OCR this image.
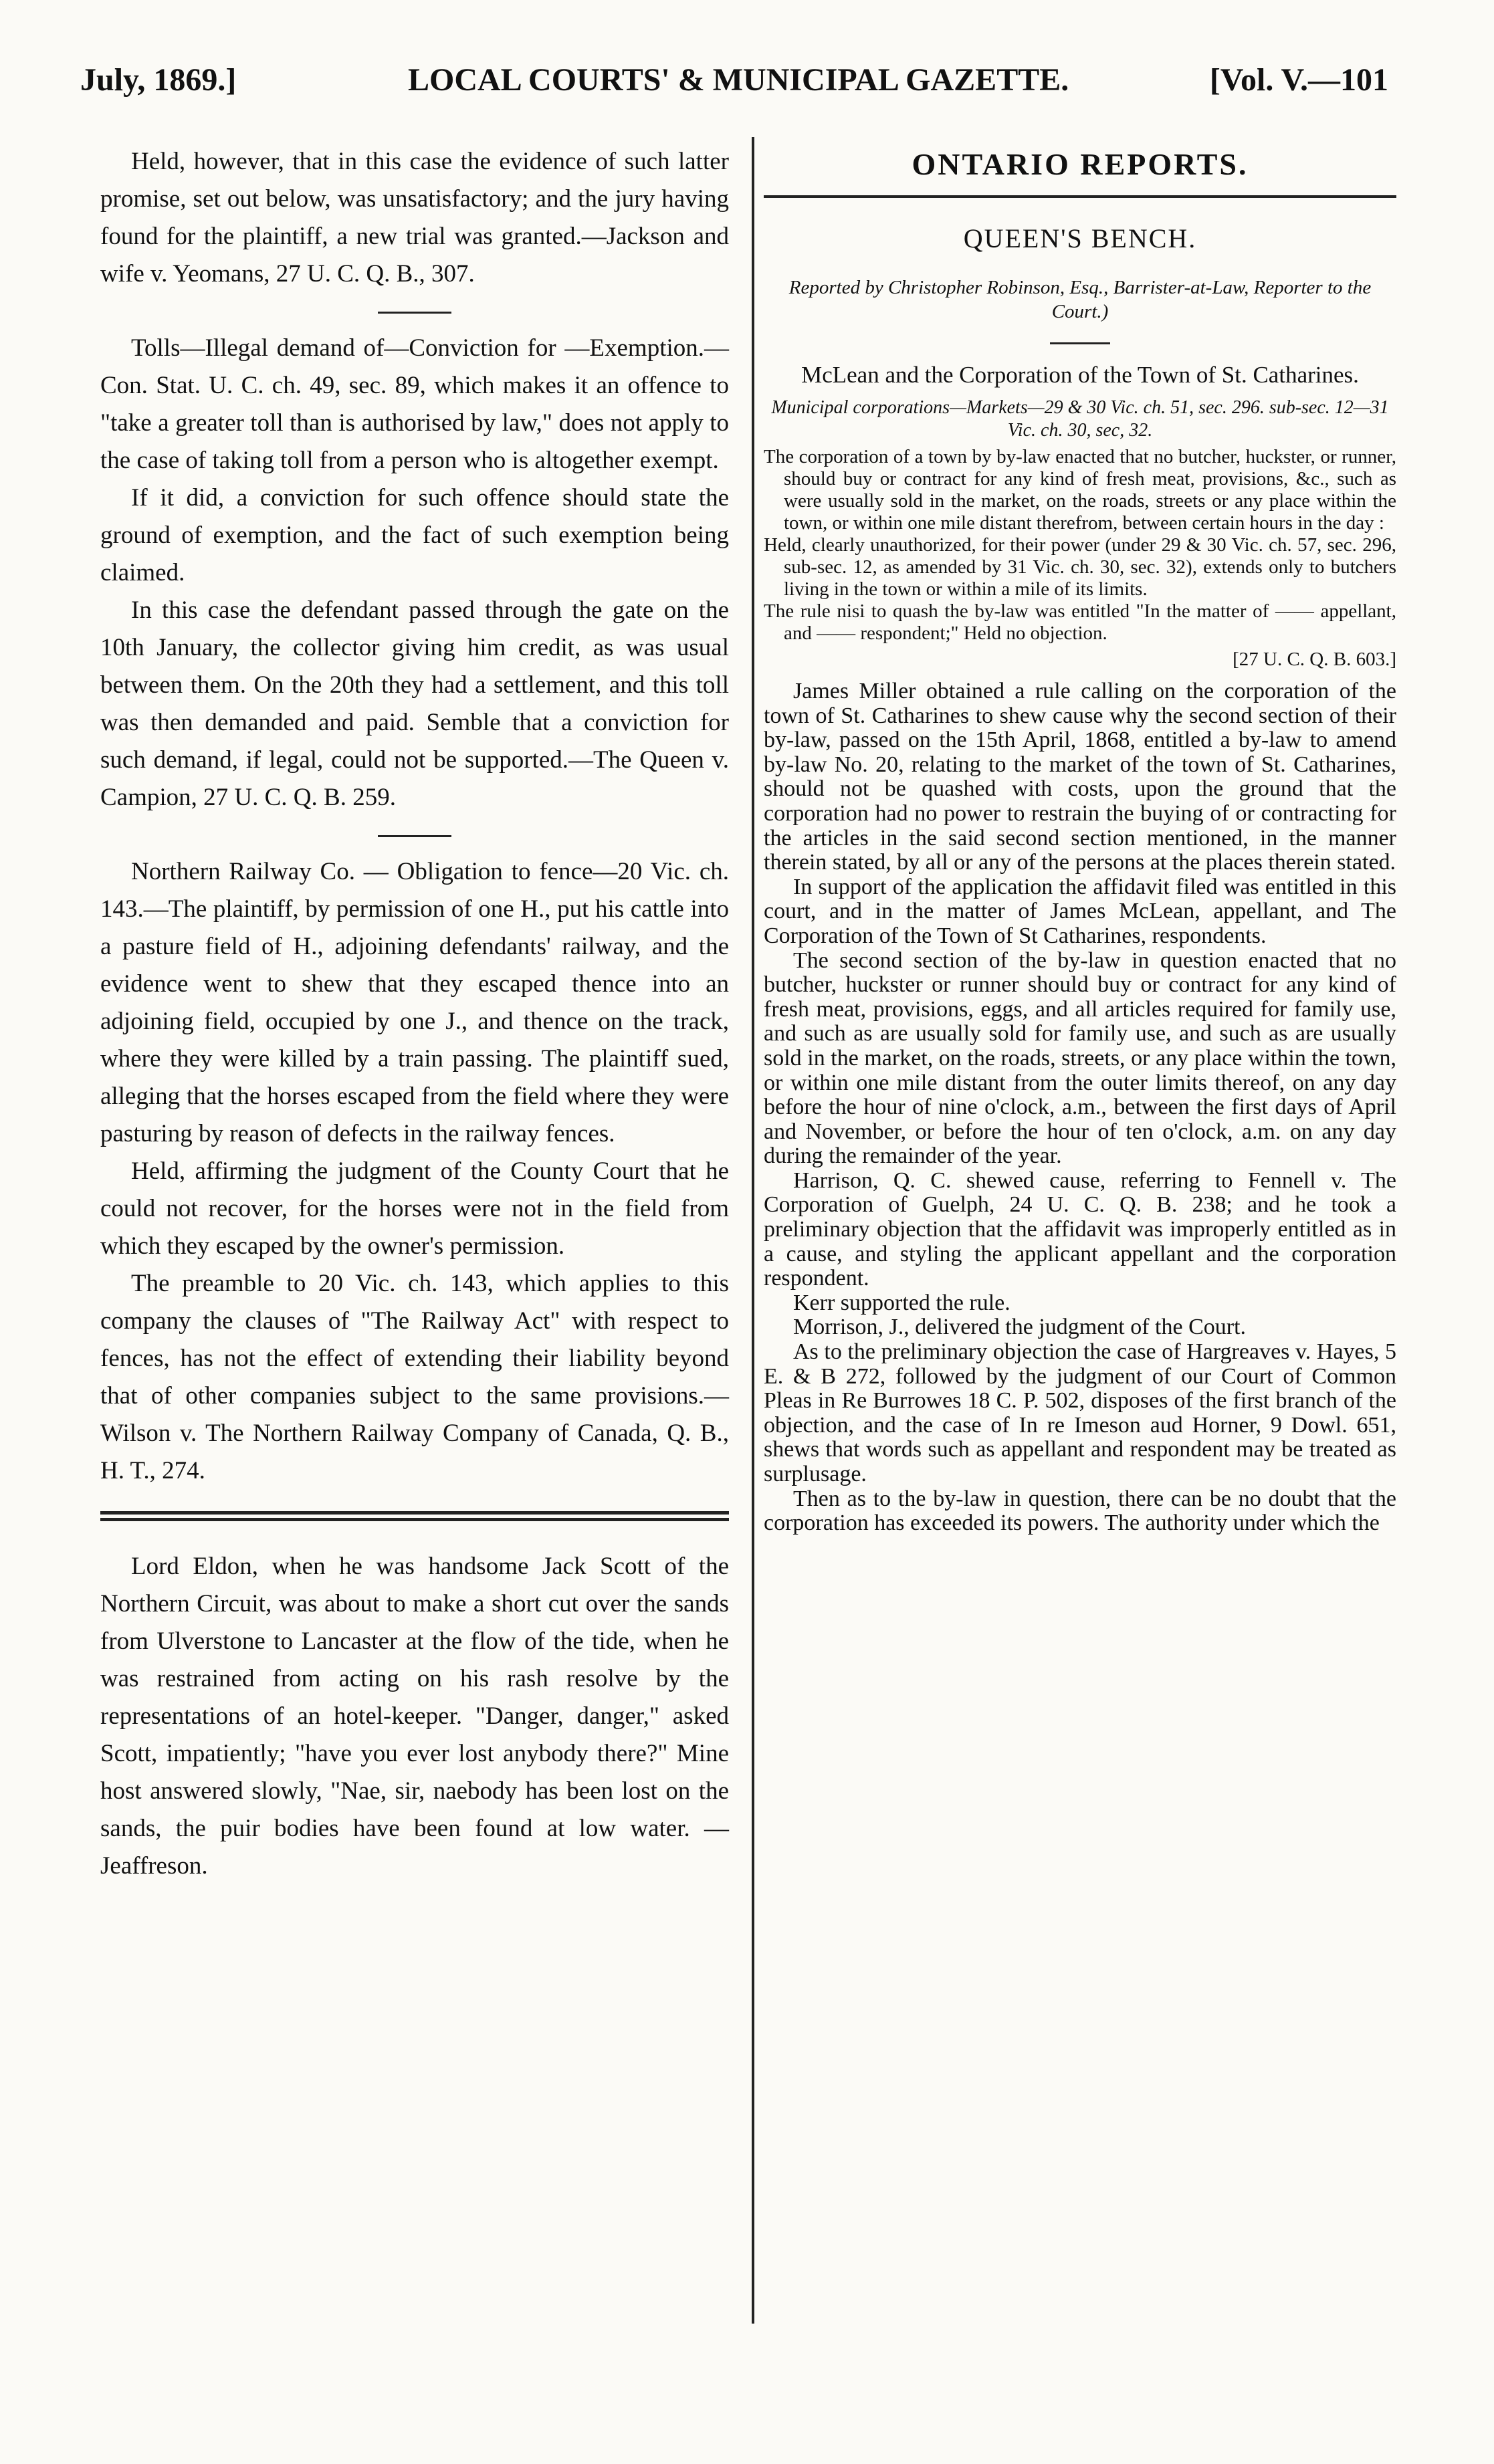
July, 1869.]	LOCAL COURTS' & MUNICIPAL GAZETTE.	[Vol. V.—101

Held, however, that in this case the evidence of such latter promise, set out below, was unsatisfactory; and the jury having found for the plaintiff, a new trial was granted.—Jackson and wife v. Yeomans, 27 U. C. Q. B., 307.

Tolls—Illegal demand of—Conviction for —Exemption.—Con. Stat. U. C. ch. 49, sec. 89, which makes it an offence to "take a greater toll than is authorised by law," does not apply to the case of taking toll from a person who is altogether exempt.

If it did, a conviction for such offence should state the ground of exemption, and the fact of such exemption being claimed.

In this case the defendant passed through the gate on the 10th January, the collector giving him credit, as was usual between them. On the 20th they had a settlement, and this toll was then demanded and paid. Semble that a conviction for such demand, if legal, could not be supported.—The Queen v. Campion, 27 U. C. Q. B. 259.

Northern Railway Co. — Obligation to fence—20 Vic. ch. 143.—The plaintiff, by permission of one H., put his cattle into a pasture field of H., adjoining defendants' railway, and the evidence went to shew that they escaped thence into an adjoining field, occupied by one J., and thence on the track, where they were killed by a train passing. The plaintiff sued, alleging that the horses escaped from the field where they were pasturing by reason of defects in the railway fences.

Held, affirming the judgment of the County Court that he could not recover, for the horses were not in the field from which they escaped by the owner's permission.

The preamble to 20 Vic. ch. 143, which applies to this company the clauses of "The Railway Act" with respect to fences, has not the effect of extending their liability beyond that of other companies subject to the same provisions.—Wilson v. The Northern Railway Company of Canada, Q. B., H. T., 274.

Lord Eldon, when he was handsome Jack Scott of the Northern Circuit, was about to make a short cut over the sands from Ulverstone to Lancaster at the flow of the tide, when he was restrained from acting on his rash resolve by the representations of an hotel-keeper. "Danger, danger," asked Scott, impatiently; "have you ever lost anybody there?" Mine host answered slowly, "Nae, sir, naebody has been lost on the sands, the puir bodies have been found at low water. —Jeaffreson.

ONTARIO REPORTS.
QUEEN'S BENCH.
Reported by Christopher Robinson, Esq., Barrister-at-Law, Reporter to the Court.)
McLean and the Corporation of the Town of St. Catharines.
Municipal corporations—Markets—29 & 30 Vic. ch. 51, sec. 296. sub-sec. 12—31 Vic. ch. 30, sec, 32.

The corporation of a town by by-law enacted that no butcher, huckster, or runner, should buy or contract for any kind of fresh meat, provisions, &c., such as were usually sold in the market, on the roads, streets or any place within the town, or within one mile distant therefrom, between certain hours in the day :

Held, clearly unauthorized, for their power (under 29 & 30 Vic. ch. 57, sec. 296, sub-sec. 12, as amended by 31 Vic. ch. 30, sec. 32), extends only to butchers living in the town or within a mile of its limits.

The rule nisi to quash the by-law was entitled "In the matter of —— appellant, and —— respondent;" Held no objection.

[27 U. C. Q. B. 603.]

James Miller obtained a rule calling on the corporation of the town of St. Catharines to shew cause why the second section of their by-law, passed on the 15th April, 1868, entitled a by-law to amend by-law No. 20, relating to the market of the town of St. Catharines, should not be quashed with costs, upon the ground that the corporation had no power to restrain the buying of or contracting for the articles in the said second section mentioned, in the manner therein stated, by all or any of the persons at the places therein stated.

In support of the application the affidavit filed was entitled in this court, and in the matter of James McLean, appellant, and The Corporation of the Town of St Catharines, respondents.

The second section of the by-law in question enacted that no butcher, huckster or runner should buy or contract for any kind of fresh meat, provisions, eggs, and all articles required for family use, and such as are usually sold for family use, and such as are usually sold in the market, on the roads, streets, or any place within the town, or within one mile distant from the outer limits thereof, on any day before the hour of nine o'clock, a.m., between the first days of April and November, or before the hour of ten o'clock, a.m. on any day during the remainder of the year.

Harrison, Q. C. shewed cause, referring to Fennell v. The Corporation of Guelph, 24 U. C. Q. B. 238; and he took a preliminary objection that the affidavit was improperly entitled as in a cause, and styling the applicant appellant and the corporation respondent.

Kerr supported the rule.

Morrison, J., delivered the judgment of the Court.

As to the preliminary objection the case of Hargreaves v. Hayes, 5 E. & B 272, followed by the judgment of our Court of Common Pleas in Re Burrowes 18 C. P. 502, disposes of the first branch of the objection, and the case of In re Imeson aud Horner, 9 Dowl. 651, shews that words such as appellant and respondent may be treated as surplusage.

Then as to the by-law in question, there can be no doubt that the corporation has exceeded its powers. The authority under which the
